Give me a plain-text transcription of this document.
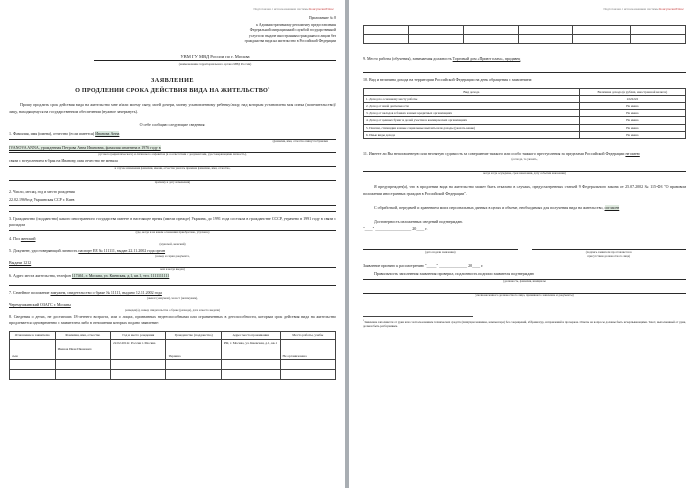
Подготовлен с использованием системы КонсультантПлюс
Приложение № 8
к Административному регламенту предоставления
Федеральной миграционной службой государственной
услуги по выдаче иностранным гражданам и лицам без
гражданства вида на жительство в Российской Федерации
УВМ ГУ МВД России по г. Москва
(наименование территориального органа МВД России)
ЗАЯВЛЕНИЕ
О ПРОДЛЕНИИ СРОКА ДЕЙСТВИЯ ВИДА НА ЖИТЕЛЬСТВО$^1$
Прошу продлить срок действия вида на жительство мне и/или моему сыну, моей дочери, моему усыновленному ребенку/лицу, над которым установлена моя опека (попечительство)/лицу, находящемуся на государственном обеспечении (нужное зачеркнуть).
О себе сообщаю следующие сведения:
1. Фамилия, имя (имена), отчество (если имеется) Иванова Анна
(фамилия, имя, отчество пишутся буквами
IVANOVA ANNA, урожденная Петрова Анна Ивановна, фамилия изменена в 1976 году в
русского (кириллического) и латинского алфавитов (в соответствии с документами, удостоверяющими личность),
связи с вступлением в брак на Иванову, имя отчество не меняла
в случае изменения фамилии, имени, отчества указать прежние фамилию, имя, отчество,
причину и дату изменения)
2. Число, месяц, год и место рождения
22.02.1969год Украинская ССР г. Киев
3. Гражданство (подданство) какого иностранного государства имеете в настоящее время (имели прежде) Украина, до 1991 года состояла в гражданстве СССР, утрачено в 1991 году в связи с распадом
(где, когда и на каком основании приобретено, утрачено)
4. Пол женский
(мужской, женский)
5. Документ, удостоверяющий личность паспорт ЕЕ № 111111, выдан 22.11.2002 года орган
(номер и серия документа,
Выдачи 1212
кем и когда выдан)
6. Адрес места жительства, телефон 117461, г. Москва, ул. Киевская, д.1, кв.1, тел. 1111111111
7. Семейное положение замужем, свидетельство о браке № 11111, выдано 12.11.2002 года
(женат (замужем), холост (незамужем),
Черемушкинский ОЗАГС г. Москвы
разведен(а), номер свидетельства о браке (разводе), дата и место выдачи)
8. Сведения о детях, не достигших 18-летнего возраста, или о лицах, признанных недееспособными или ограниченных в дееспособности, которым срок действия вида на жительство продлевается одновременно с заявителем либо в отношении которых подано заявление:
Отношение к заявителю	Фамилия, имя, отчество	Год и место рождения	Гражданство (подданство)	Адрес места проживания	Место работы, учебы
сын	Иванов Иван Иванович	22.02.2012г. Россия г. Москва	Украина	РФ, г. Москва, ул. Киевская, д.1, кв.1	Не организована

Подготовлен с использованием системы КонсультантПлюс

9. Место работы (обучения), занимаемая должность Торговый дом «Приют плам», продавец
10. Вид и величина дохода на территории Российской Федерации на день обращения с заявлением:
Вид дохода	Величина дохода (в рублях, иностранной валюте)
1. Доход по основному месту работы	2222222
2. Доход от иной деятельности	Не имею
3. Доход от вкладов в банках и иных кредитных организациях	Не имею
4. Доход от ценных бумаг и долей участия в коммерческих организациях	Не имею
5. Пенсии, стипендии и иные социальные выплаты или доходы (указать какие)	Не имею
6. Иные виды дохода	Не имею
11. Имеете ли Вы непогашенную или неснятую судимость за совершение тяжкого или особо тяжкого преступления за пределами Российской Федерации не имею
(если да, то указать,
когда и где осуждены, срок наказания, дату события наказания)
Я предупрежден(а), что в продлении вида на жительство может быть отказано в случаях, предусмотренных статьей 9 Федерального закона от 25.07.2002 № 115-ФЗ "О правовом положении иностранных граждан в Российской Федерации".
С обработкой, передачей и хранением моих персональных данных в целях и объеме, необходимых для получения вида на жительство, согласен
Достоверность изложенных сведений подтверждаю.
"____" __________________ 20____ г.
(дата подачи заявления)	(подпись заявителя проставляется в
присутствии должностного лица)
Заявление принято к рассмотрению "_____" ______________ 20____ г.
Правильность заполнения заявления проверил, подлинность подписи заявителя подтверждаю
(должность, фамилия, инициалы
уполномоченного должностного лица, принявшего заявление и документы)
$^1$Заявление заполняется от руки или с использованием технических средств (пишущая машинка, компьютера) без сокращений, аббревиатур, исправлений и прочерков. Ответы на вопросы должны быть исчерпывающими. Текст, выполненный от руки, должен быть разборчивым.
